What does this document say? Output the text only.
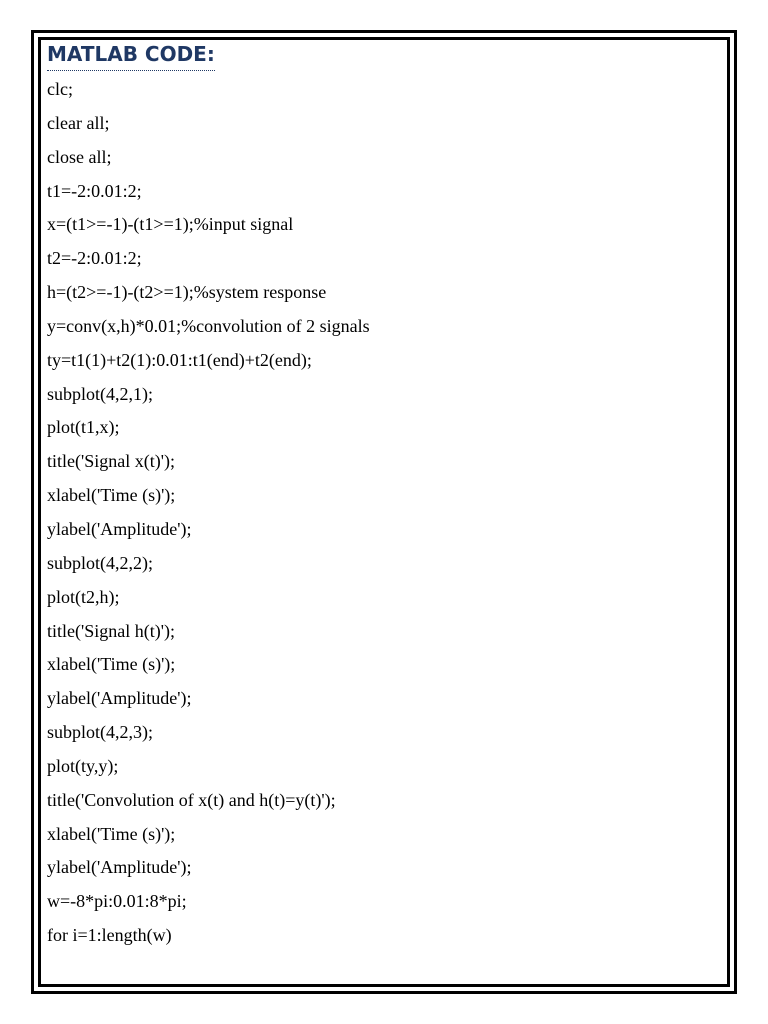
MATLAB CODE:
clc;
clear all;
close all;
t1=-2:0.01:2;
x=(t1>=-1)-(t1>=1);%input signal
t2=-2:0.01:2;
h=(t2>=-1)-(t2>=1);%system response
y=conv(x,h)*0.01;%convolution of 2 signals
ty=t1(1)+t2(1):0.01:t1(end)+t2(end);
subplot(4,2,1);
plot(t1,x);
title('Signal x(t)');
xlabel('Time (s)');
ylabel('Amplitude');
subplot(4,2,2);
plot(t2,h);
title('Signal h(t)');
xlabel('Time (s)');
ylabel('Amplitude');
subplot(4,2,3);
plot(ty,y);
title('Convolution of x(t) and h(t)=y(t)');
xlabel('Time (s)');
ylabel('Amplitude');
w=-8*pi:0.01:8*pi;
for i=1:length(w)
